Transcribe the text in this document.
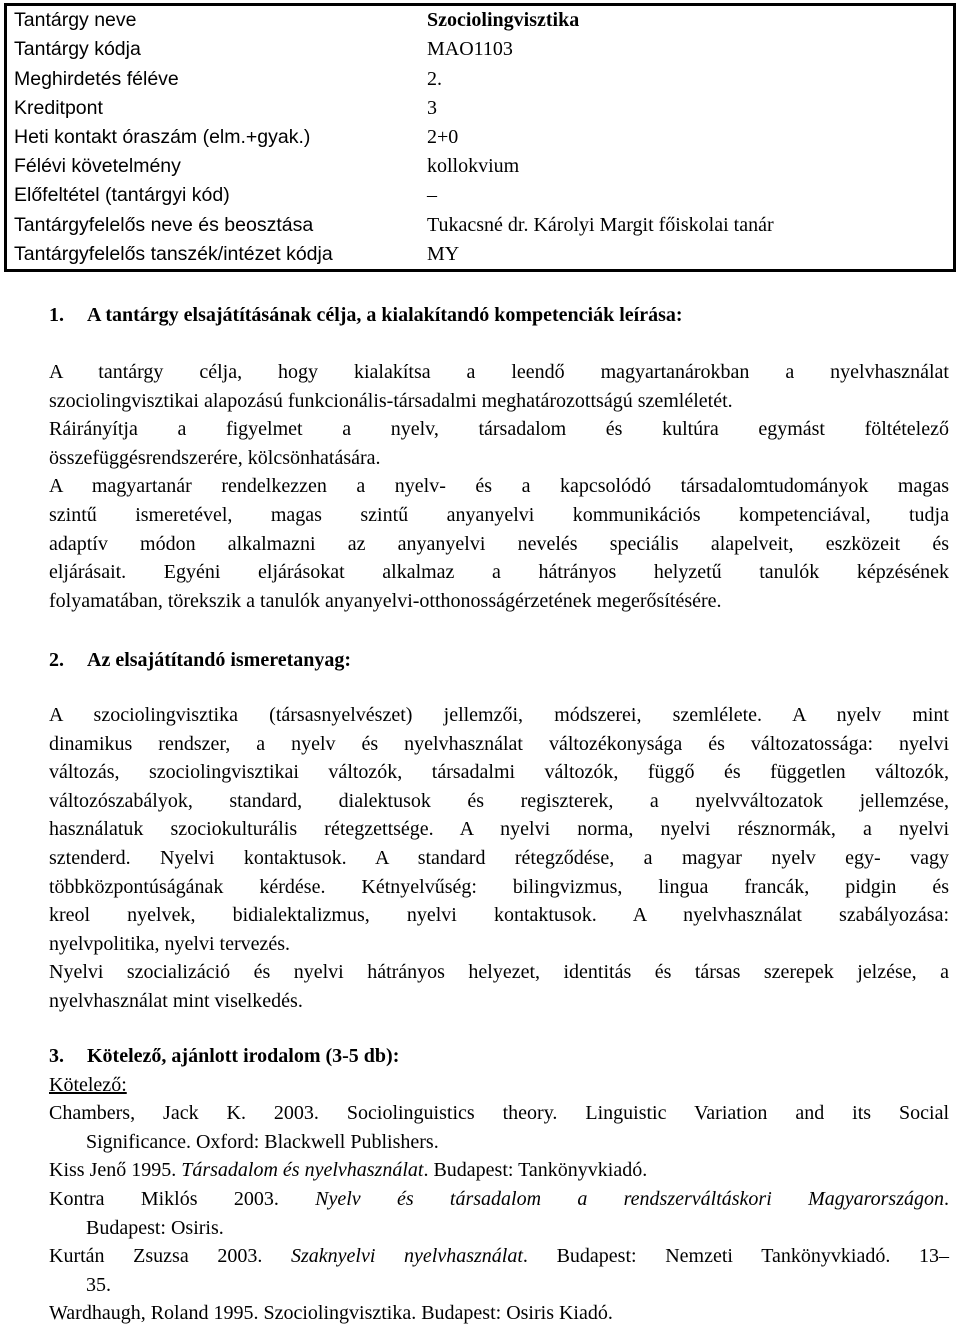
Tantárgy neve	Szociolingvisztika
Tantárgy kódja	MAO1103
Meghirdetés féléve	2.
Kreditpont	3
Heti kontakt óraszám (elm.+gyak.)	2+0
Félévi követelmény	kollokvium
Előfeltétel (tantárgyi kód)	–
Tantárgyfelelős neve és beosztása	Tukacsné dr. Károlyi Margit főiskolai tanár
Tantárgyfelelős tanszék/intézet kódja	MY

1. A tantárgy elsajátításának célja, a kialakítandó kompetenciák leírása:

A tantárgy célja, hogy kialakítsa a leendő magyartanárokban a nyelvhasználat
szociolingvisztikai alapozású funkcionális-társadalmi meghatározottságú szemléletét.

Ráirányítja a figyelmet a nyelv, társadalom és kultúra egymást föltételező
összefüggésrendszerére, kölcsönhatására.

A magyartanár rendelkezzen a nyelv- és a kapcsolódó társadalomtudományok magas
szintű ismeretével, magas szintű anyanyelvi kommunikációs kompetenciával, tudja
adaptív módon alkalmazni az anyanyelvi nevelés speciális alapelveit, eszközeit és
eljárásait. Egyéni eljárásokat alkalmaz a hátrányos helyzetű tanulók képzésének
folyamatában, törekszik a tanulók anyanyelvi-otthonosságérzetének megerősítésére.

2. Az elsajátítandó ismeretanyag:

A szociolingvisztika (társasnyelvészet) jellemzői, módszerei, szemlélete. A nyelv mint
dinamikus rendszer, a nyelv és nyelvhasználat változékonysága és változatossága: nyelvi
változás, szociolingvisztikai változók, társadalmi változók, függő és független változók,
változószabályok, standard, dialektusok és regiszterek, a nyelvváltozatok jellemzése,
használatuk szociokulturális rétegzettsége. A nyelvi norma, nyelvi résznormák, a nyelvi
sztenderd. Nyelvi kontaktusok. A standard rétegződése, a magyar nyelv egy- vagy
többközpontúságának kérdése. Kétnyelvűség: bilingvizmus, lingua francák, pidgin és
kreol nyelvek, bidialektalizmus, nyelvi kontaktusok. A nyelvhasználat szabályozása:
nyelvpolitika, nyelvi tervezés.

Nyelvi szocializáció és nyelvi hátrányos helyezet, identitás és társas szerepek jelzése, a
nyelvhasználat mint viselkedés.

3. Kötelező, ajánlott irodalom (3-5 db):

Kötelező:

Chambers, Jack K. 2003. Sociolinguistics theory. Linguistic Variation and its Social
Significance. Oxford: Blackwell Publishers.

Kiss Jenő 1995. Társadalom és nyelvhasználat. Budapest: Tankönyvkiadó.

Kontra Miklós 2003. Nyelv és társadalom a rendszerváltáskori Magyarországon.
Budapest: Osiris.

Kurtán Zsuzsa 2003. Szaknyelvi nyelvhasználat. Budapest: Nemzeti Tankönyvkiadó. 13–
35.

Wardhaugh, Roland 1995. Szociolingvisztika. Budapest: Osiris Kiadó.
